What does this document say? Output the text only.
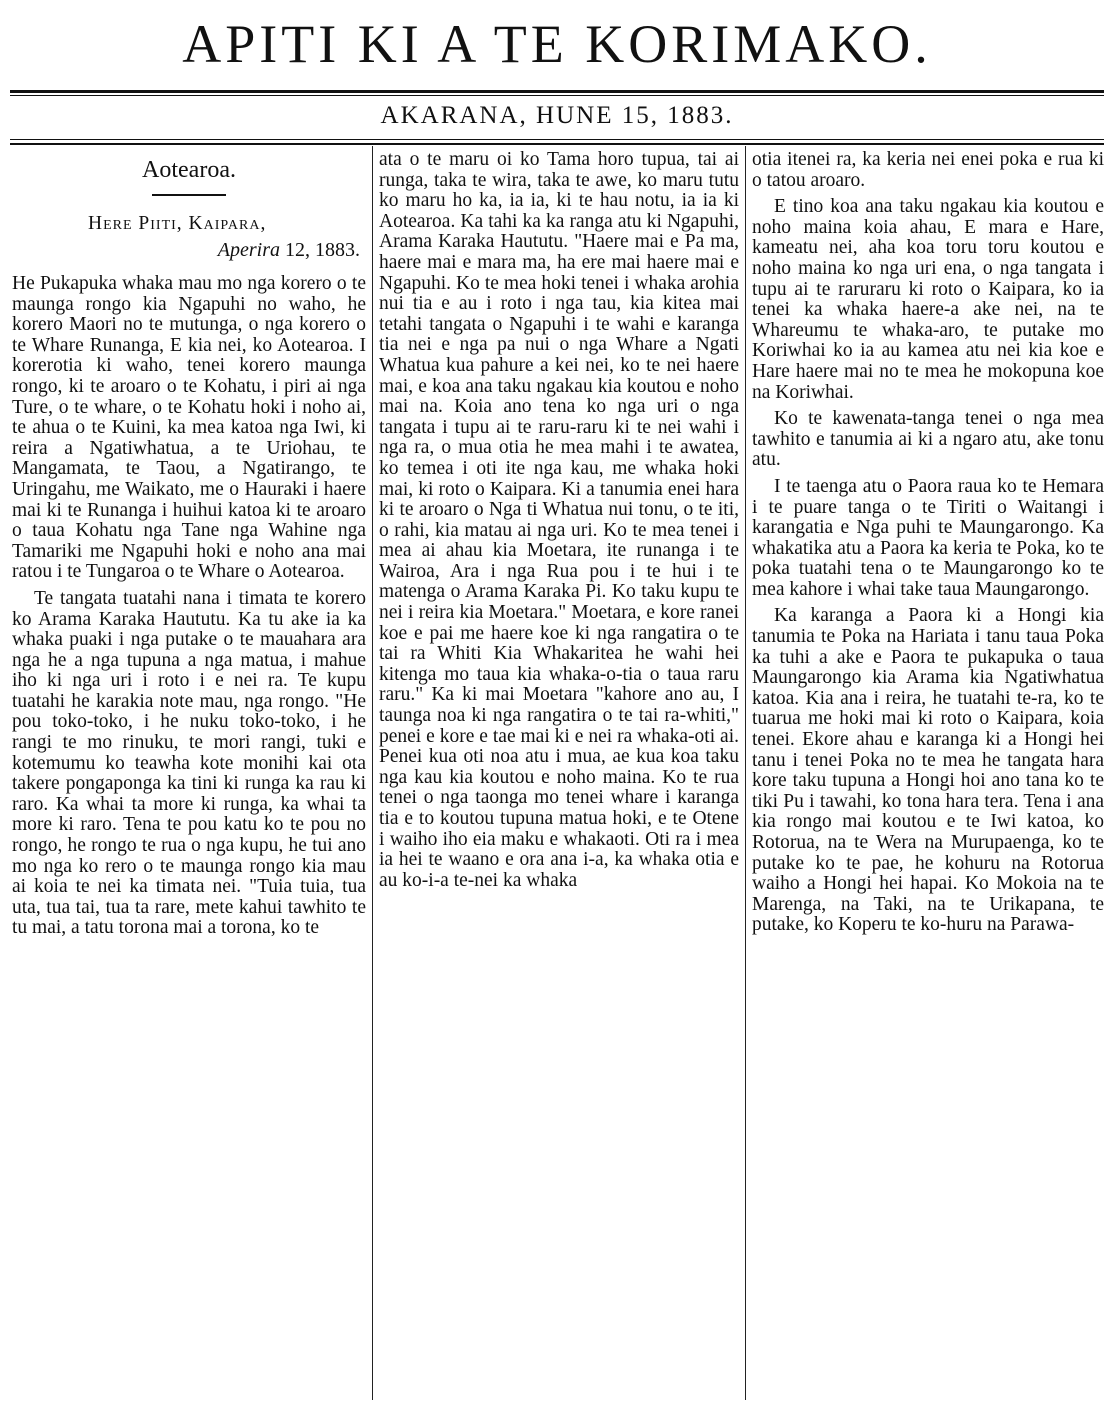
APITI KI A TE KORIMAKO.
AKARANA, HUNE 15, 1883.
Aotearoa.
Here Piiti, Kaipara,
Aperira 12, 1883.

He Pukapuka whaka mau mo nga korero o te maunga rongo kia Ngapuhi no waho, he korero Maori no te mutunga, o nga korero o te Whare Runanga, E kia nei, ko Aotearoa. I korerotia ki waho, tenei korero maunga rongo, ki te aroaro o te Kohatu, i piri ai nga Ture, o te whare, o te Kohatu hoki i noho ai, te ahua o te Kuini, ka mea katoa nga Iwi, ki reira a Ngatiwhatua, a te Uriohau, te Mangamata, te Taou, a Ngatirango, te Uringahu, me Waikato, me o Hauraki i haere mai ki te Runanga i huihui katoa ki te aroaro o taua Kohatu nga Tane nga Wahine nga Tamariki me Ngapuhi hoki e noho ana mai ratou i te Tungaroa o te Whare o Aotearoa.

Te tangata tuatahi nana i timata te korero ko Arama Karaka Haututu. Ka tu ake ia ka whaka puaki i nga putake o te mauahara ara nga he a nga tupuna a nga matua, i mahue iho ki nga uri i roto i e nei ra. Te kupu tuatahi he karakia note mau, nga rongo. "He pou toko-toko, i he nuku toko-toko, i he rangi te mo rinuku, te mori rangi, tuki e kotemumu ko teawha kote monihi kai ota takere pongaponga ka tini ki runga ka rau ki raro. Ka whai ta more ki runga, ka whai ta more ki raro. Tena te pou katu ko te pou no rongo, he rongo te rua o nga kupu, he tui ano mo nga ko rero o te maunga rongo kia mau ai koia te nei ka timata nei. "Tuia tuia, tua uta, tua tai, tua ta rare, mete kahui tawhito te tu mai, a tatu torona mai a torona, ko te

ata o te maru oi ko Tama horo tupua, tai ai runga, taka te wira, taka te awe, ko maru tutu ko maru ho ka, ia ia, ki te hau notu, ia ia ki Aotearoa. Ka tahi ka ka ranga atu ki Ngapuhi, Arama Karaka Haututu. "Haere mai e Pa ma, haere mai e mara ma, ha ere mai haere mai e Ngapuhi. Ko te mea hoki tenei i whaka arohia nui tia e au i roto i nga tau, kia kitea mai tetahi tangata o Ngapuhi i te wahi e karanga tia nei e nga pa nui o nga Whare a Ngati Whatua kua pahure a kei nei, ko te nei haere mai, e koa ana taku ngakau kia koutou e noho mai na. Koia ano tena ko nga uri o nga tangata i tupu ai te raru-raru ki te nei wahi i nga ra, o mua otia he mea mahi i te awatea, ko temea i oti ite nga kau, me whaka hoki mai, ki roto o Kaipara. Ki a tanumia enei hara ki te aroaro o Nga ti Whatua nui tonu, o te iti, o rahi, kia matau ai nga uri. Ko te mea tenei i mea ai ahau kia Moetara, ite runanga i te Wairoa, Ara i nga Rua pou i te hui i te matenga o Arama Karaka Pi. Ko taku kupu te nei i reira kia Moetara." Moetara, e kore ranei koe e pai me haere koe ki nga rangatira o te tai ra Whiti Kia Whakaritea he wahi hei kitenga mo taua kia whaka-o-tia o taua raru raru." Ka ki mai Moetara "kahore ano au, I taunga noa ki nga rangatira o te tai ra-whiti," penei e kore e tae mai ki e nei ra whaka-oti ai. Penei kua oti noa atu i mua, ae kua koa taku nga kau kia koutou e noho maina. Ko te rua tenei o nga taonga mo tenei whare i karanga tia e to koutou tupuna matua hoki, e te Otene i waiho iho eia maku e whakaoti. Oti ra i mea ia hei te waano e ora ana i-a, ka whaka otia e au ko-i-a te-nei ka whaka

otia itenei ra, ka keria nei enei poka e rua ki o tatou aroaro.

E tino koa ana taku ngakau kia koutou e noho maina koia ahau, E mara e Hare, kameatu nei, aha koa toru toru koutou e noho maina ko nga uri ena, o nga tangata i tupu ai te raruraru ki roto o Kaipara, ko ia tenei ka whaka haere-a ake nei, na te Whareumu te whaka-aro, te putake mo Koriwhai ko ia au kamea atu nei kia koe e Hare haere mai no te mea he mokopuna koe na Koriwhai.

Ko te kawenata-tanga tenei o nga mea tawhito e tanumia ai ki a ngaro atu, ake tonu atu.

I te taenga atu o Paora raua ko te Hemara i te puare tanga o te Tiriti o Waitangi i karangatia e Nga puhi te Maungarongo. Ka whakatika atu a Paora ka keria te Poka, ko te poka tuatahi tena o te Maungarongo ko te mea kahore i whai take taua Maungarongo.

Ka karanga a Paora ki a Hongi kia tanumia te Poka na Hariata i tanu taua Poka ka tuhi a ake e Paora te pukapuka o taua Maungarongo kia Arama kia Ngatiwhatua katoa. Kia ana i reira, he tuatahi te-ra, ko te tuarua me hoki mai ki roto o Kaipara, koia tenei. Ekore ahau e karanga ki a Hongi hei tanu i tenei Poka no te mea he tangata hara kore taku tupuna a Hongi hoi ano tana ko te tiki Pu i tawahi, ko tona hara tera. Tena i ana kia rongo mai koutou e te Iwi katoa, ko Rotorua, na te Wera na Murupaenga, ko te putake ko te pae, he kohuru na Rotorua waiho a Hongi hei hapai. Ko Mokoia na te Marenga, na Taki, na te Urikapana, te putake, ko Koperu te ko-huru na Parawa-
